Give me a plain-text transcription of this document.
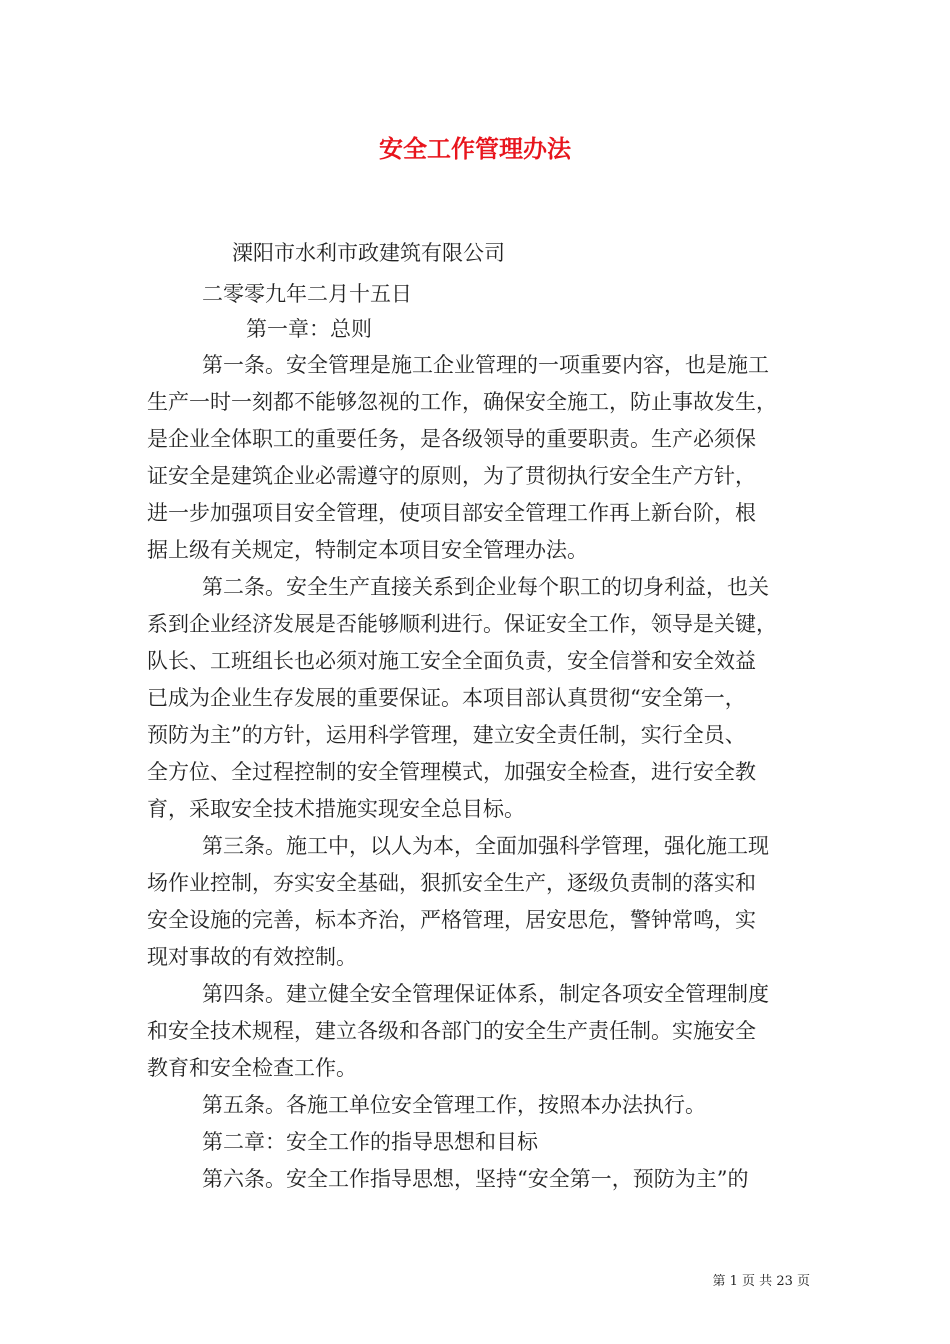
安全工作管理办法
溧阳市水利市政建筑有限公司
二零零九年二月十五日
第一章：总则
第一条。安全管理是施工企业管理的一项重要内容，也是施工
生产一时一刻都不能够忽视的工作，确保安全施工，防止事故发生，
是企业全体职工的重要任务，是各级领导的重要职责。生产必须保
证安全是建筑企业必需遵守的原则，为了贯彻执行安全生产方针，
进一步加强项目安全管理，使项目部安全管理工作再上新台阶，根
据上级有关规定，特制定本项目安全管理办法。
第二条。安全生产直接关系到企业每个职工的切身利益，也关
系到企业经济发展是否能够顺利进行。保证安全工作，领导是关键，
队长、工班组长也必须对施工安全全面负责，安全信誉和安全效益
已成为企业生存发展的重要保证。本项目部认真贯彻“安全第一，
预防为主”的方针，运用科学管理，建立安全责任制，实行全员、
全方位、全过程控制的安全管理模式，加强安全检查，进行安全教
育，采取安全技术措施实现安全总目标。
第三条。施工中，以人为本，全面加强科学管理，强化施工现
场作业控制，夯实安全基础，狠抓安全生产，逐级负责制的落实和
安全设施的完善，标本齐治，严格管理，居安思危，警钟常鸣，实
现对事故的有效控制。
第四条。建立健全安全管理保证体系，制定各项安全管理制度
和安全技术规程，建立各级和各部门的安全生产责任制。实施安全
教育和安全检查工作。
第五条。各施工单位安全管理工作，按照本办法执行。
第二章：安全工作的指导思想和目标
第六条。安全工作指导思想，坚持“安全第一，预防为主”的
第 1 页 共 23 页
